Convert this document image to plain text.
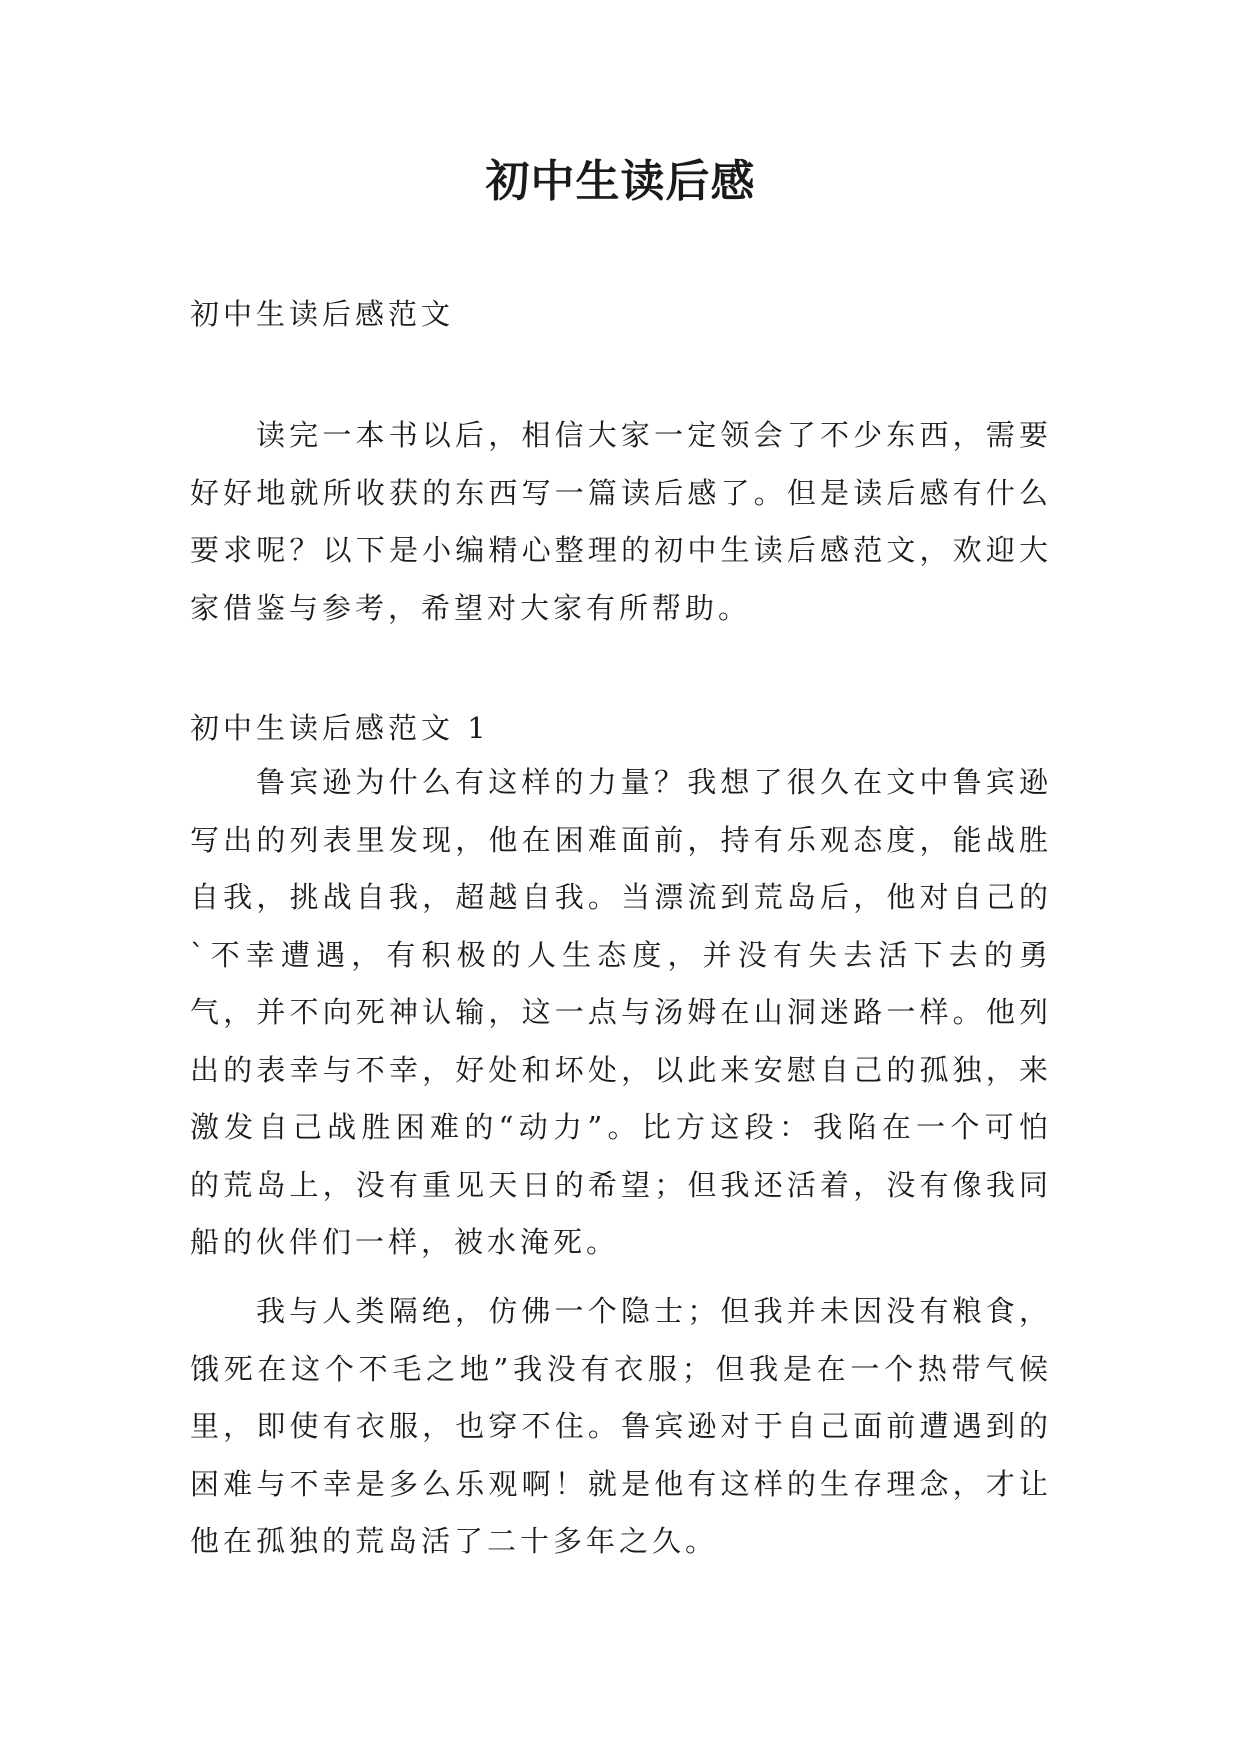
初中生读后感

初中生读后感范文

读完一本书以后，相信大家一定领会了不少东西，需要好好地就所收获的东西写一篇读后感了。但是读后感有什么要求呢？以下是小编精心整理的初中生读后感范文，欢迎大家借鉴与参考，希望对大家有所帮助。

初中生读后感范文 1

鲁宾逊为什么有这样的力量？我想了很久在文中鲁宾逊写出的列表里发现，他在困难面前，持有乐观态度，能战胜自我，挑战自我，超越自我。当漂流到荒岛后，他对自己的`不幸遭遇，有积极的人生态度，并没有失去活下去的勇气，并不向死神认输，这一点与汤姆在山洞迷路一样。他列出的表幸与不幸，好处和坏处，以此来安慰自己的孤独，来激发自己战胜困难的“动力”。比方这段：我陷在一个可怕的荒岛上，没有重见天日的希望；但我还活着，没有像我同船的伙伴们一样，被水淹死。

我与人类隔绝，仿佛一个隐士；但我并未因没有粮食，饿死在这个不毛之地”我没有衣服；但我是在一个热带气候里，即使有衣服，也穿不住。鲁宾逊对于自己面前遭遇到的困难与不幸是多么乐观啊！就是他有这样的生存理念，才让他在孤独的荒岛活了二十多年之久。
